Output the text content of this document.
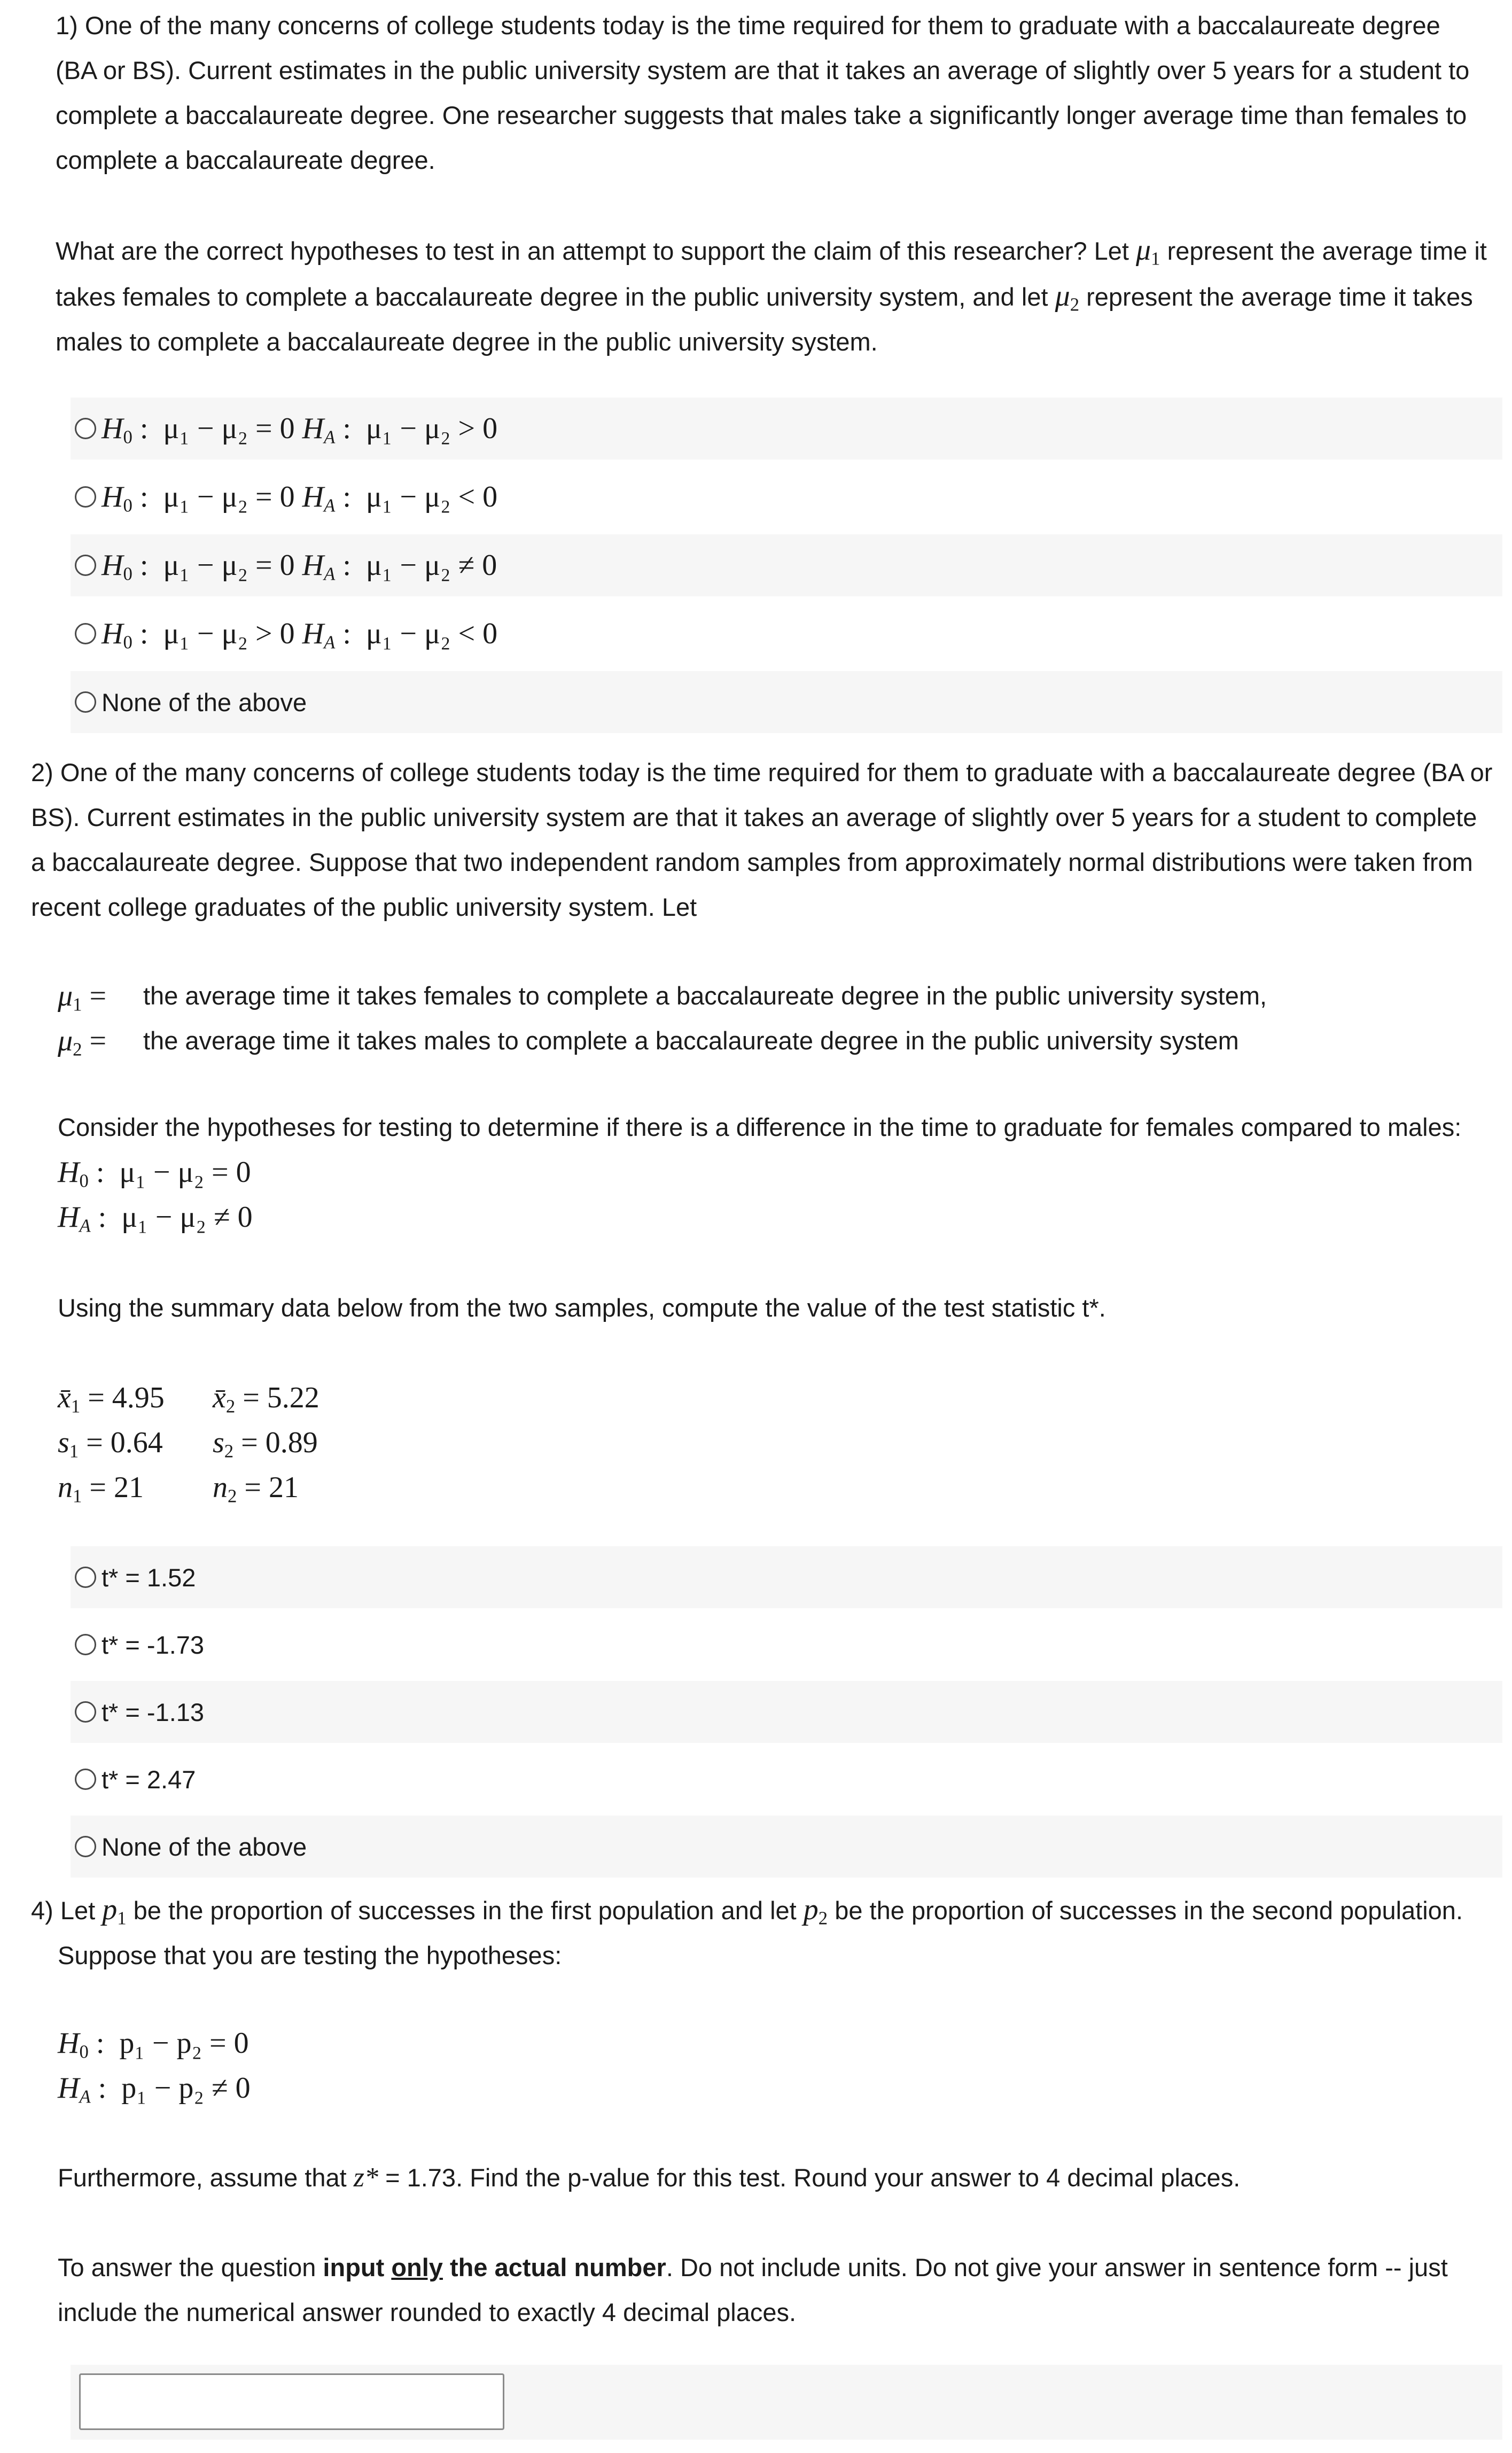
1) One of the many concerns of college students today is the time required for them to graduate with a baccalaureate degree (BA or BS). Current estimates in the public university system are that it takes an average of slightly over 5 years for a student to complete a baccalaureate degree. One researcher suggests that males take a significantly longer average time than females to complete a baccalaureate degree.
What are the correct hypotheses to test in an attempt to support the claim of this researcher? Let $\mu_1$ represent the average time it takes females to complete a baccalaureate degree in the public university system, and let $\mu_2$ represent the average time it takes males to complete a baccalaureate degree in the public university system.
$H_0$ :  μ₁ − μ₂ = 0 $H_A$ :  μ₁ − μ₂ > 0
$H_0$ :  μ₁ − μ₂ = 0 $H_A$ :  μ₁ − μ₂ < 0
$H_0$ :  μ₁ − μ₂ = 0 $H_A$ :  μ₁ − μ₂ ≠ 0
$H_0$ :  μ₁ − μ₂ > 0 $H_A$ :  μ₁ − μ₂ < 0
None of the above
2) One of the many concerns of college students today is the time required for them to graduate with a baccalaureate degree (BA or BS). Current estimates in the public university system are that it takes an average of slightly over 5 years for a student to complete a baccalaureate degree. Suppose that two independent random samples from approximately normal distributions were taken from recent college graduates of the public university system. Let
$\mu_1$ =	the average time it takes females to complete a baccalaureate degree in the public university system,
$\mu_2$ =	the average time it takes males to complete a baccalaureate degree in the public university system
Consider the hypotheses for testing to determine if there is a difference in the time to graduate for females compared to males:
$H_0$ :  μ₁ − μ₂ = 0
$H_A$ :  μ₁ − μ₂ ≠ 0
Using the summary data below from the two samples, compute the value of the test statistic t*.
$x̄_1 = 4.95$	$x̄_2 = 5.22$
$s_1 = 0.64$	$s_2 = 0.89$
$n_1 = 21$	$n_2 = 21$
t* = 1.52
t* = -1.73
t* = -1.13
t* = 2.47
None of the above
4) Let $p_1$ be the proportion of successes in the first population and let $p_2$ be the proportion of successes in the second population.
Suppose that you are testing the hypotheses:
$H_0$ :  p₁ − p₂ = 0
$H_A$ :  p₁ − p₂ ≠ 0
Furthermore, assume that z* = 1.73. Find the p-value for this test. Round your answer to 4 decimal places.
To answer the question input only the actual number. Do not include units. Do not give your answer in sentence form -- just include the numerical answer rounded to exactly 4 decimal places.
